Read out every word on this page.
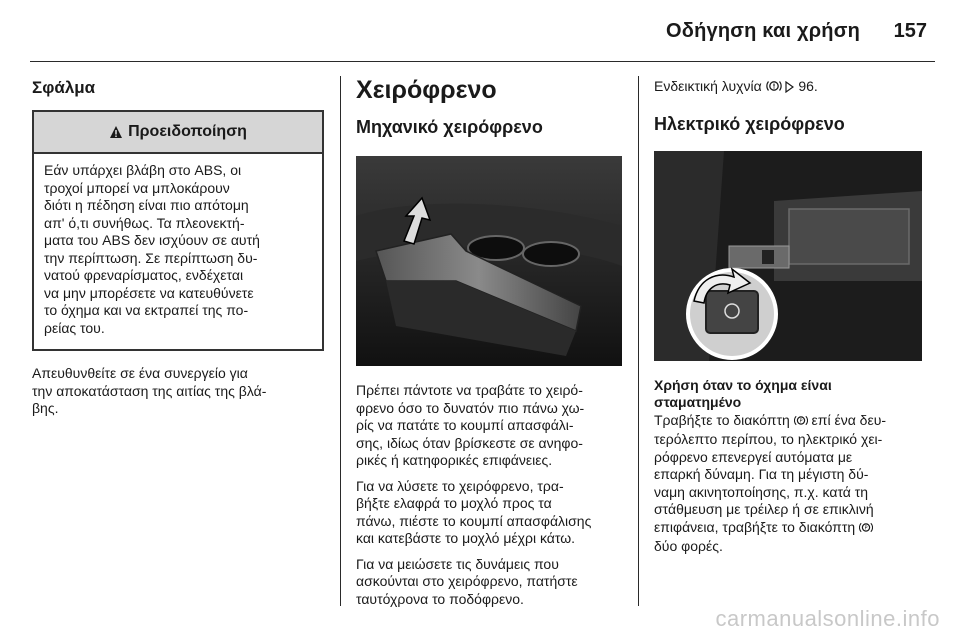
Οδήγηση και χρήση 157
Σφάλμα
Προειδοποίηση
Εάν υπάρχει βλάβη στο ABS, οι
τροχοί μπορεί να μπλοκάρουν
διότι η πέδηση είναι πιο απότομη
απ' ό,τι συνήθως. Τα πλεονεκτή-
ματα του ABS δεν ισχύουν σε αυτή
την περίπτωση. Σε περίπτωση δυ-
νατού φρεναρίσματος, ενδέχεται
να μην μπορέσετε να κατευθύνετε
το όχημα και να εκτραπεί της πο-
ρείας του.
Απευθυνθείτε σε ένα συνεργείο για
την αποκατάσταση της αιτίας της βλά-
βης.
Χειρόφρενο
Μηχανικό χειρόφρενο
Πρέπει πάντοτε να τραβάτε το χειρό-
φρενο όσο το δυνατόν πιο πάνω χω-
ρίς να πατάτε το κουμπί απασφάλι-
σης, ιδίως όταν βρίσκεστε σε ανηφο-
ρικές ή κατηφορικές επιφάνειες.
Για να λύσετε το χειρόφρενο, τρα-
βήξτε ελαφρά το μοχλό προς τα
πάνω, πιέστε το κουμπί απασφάλισης
και κατεβάστε το μοχλό μέχρι κάτω.
Για να μειώσετε τις δυνάμεις που
ασκούνται στο χειρόφρενο, πατήστε
ταυτόχρονα το ποδόφρενο.
Ενδεικτική λυχνία	96.
Ηλεκτρικό χειρόφρενο
Χρήση όταν το όχημα είναι
σταματημένο
Τραβήξτε το διακόπτη P επί ένα δευ-
τερόλεπτο περίπου, το ηλεκτρικό χει-
ρόφρενο επενεργεί αυτόματα με
επαρκή δύναμη. Για τη μέγιστη δύ-
ναμη ακινητοποίησης, π.χ. κατά τη
στάθμευση με τρέιλερ ή σε επικλινή
επιφάνεια, τραβήξτε το διακόπτη P
δύο φορές.
carmanualsonline.info
